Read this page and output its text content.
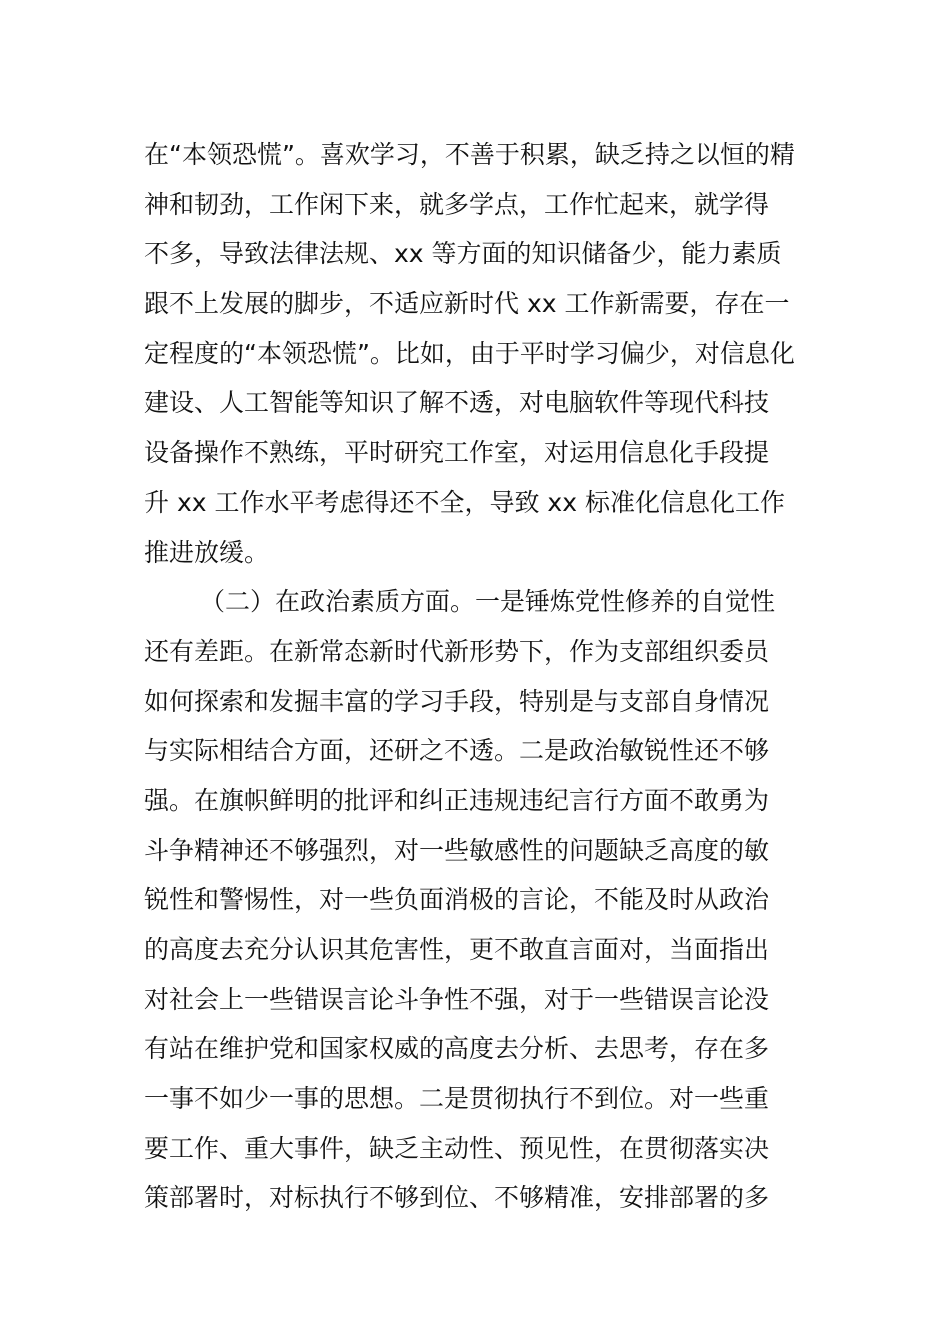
在“本领恐慌”。喜欢学习，不善于积累，缺乏持之以恒的精
神和韧劲，工作闲下来，就多学点，工作忙起来，就学得
不多，导致法律法规、xx 等方面的知识储备少，能力素质
跟不上发展的脚步，不适应新时代 xx 工作新需要，存在一
定程度的“本领恐慌”。比如，由于平时学习偏少，对信息化
建设、人工智能等知识了解不透，对电脑软件等现代科技
设备操作不熟练，平时研究工作室，对运用信息化手段提
升 xx 工作水平考虑得还不全，导致 xx 标准化信息化工作
推进放缓。
（二）在政治素质方面。一是锤炼党性修养的自觉性
还有差距。在新常态新时代新形势下，作为支部组织委员
如何探索和发掘丰富的学习手段，特别是与支部自身情况
与实际相结合方面，还研之不透。二是政治敏锐性还不够
强。在旗帜鲜明的批评和纠正违规违纪言行方面不敢勇为
斗争精神还不够强烈，对一些敏感性的问题缺乏高度的敏
锐性和警惕性，对一些负面消极的言论，不能及时从政治
的高度去充分认识其危害性，更不敢直言面对，当面指出
对社会上一些错误言论斗争性不强，对于一些错误言论没
有站在维护党和国家权威的高度去分析、去思考，存在多
一事不如少一事的思想。二是贯彻执行不到位。对一些重
要工作、重大事件，缺乏主动性、预见性，在贯彻落实决
策部署时，对标执行不够到位、不够精准，安排部署的多
